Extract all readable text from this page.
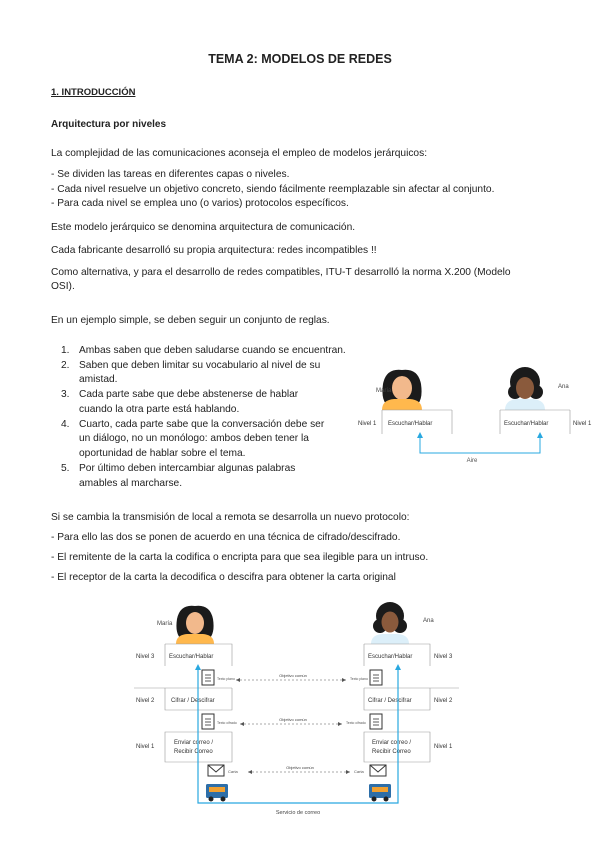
TEMA 2: MODELOS DE REDES
1. INTRODUCCIÓN
Arquitectura por niveles
La complejidad de las comunicaciones aconseja el empleo de modelos jerárquicos:
- Se dividen las tareas en diferentes capas o niveles.
- Cada nivel resuelve un objetivo concreto, siendo fácilmente reemplazable sin afectar al conjunto.
- Para cada nivel se emplea uno (o varios) protocolos específicos.
Este modelo jerárquico se denomina arquitectura de comunicación.
Cada fabricante desarrolló su propia arquitectura: redes incompatibles !!
Como alternativa, y para el desarrollo de redes compatibles, ITU-T desarrolló la norma X.200 (Modelo
OSI).
En un ejemplo simple, se deben seguir un conjunto de reglas.
1. Ambas saben que deben saludarse cuando se encuentran.
2. Saben que deben limitar su vocabulario al nivel de su
amistad.
3. Cada parte sabe que debe abstenerse de hablar
cuando la otra parte está hablando.
4. Cuarto, cada parte sabe que la conversación debe ser
un diálogo, no un monólogo: ambos deben tener la
oportunidad de hablar sobre el tema.
5. Por último deben intercambiar algunas palabras
amables al marcharse.
María
Ana
Nivel 1 Escuchar/Hablar	Escuchar/Hablar	Nivel 1
Aire
Si se cambia la transmisión de local a remota se desarrolla un nuevo protocolo:
- Para ello las dos se ponen de acuerdo en una técnica de cifrado/descifrado.
- El remitente de la carta la codifica o encripta para que sea ilegible para un intruso.
- El receptor de la carta la decodifica o descifra para obtener la carta original
María	Ana
Nivel 3
Nivel 2
Nivel 1
Nivel 3
Nivel 2
Nivel 1
Escuchar/Hablar
Cifrar / Descifrar
Enviar correo /
Recibir Correo
Escuchar/Hablar
Cifrar / Descifrar
Enviar correo /
Recibir Correo
Texto plano
Texto cifrado
Carta
Texto plano
Texto cifrado
Carta
Objetivo común
Objetivo común
Objetivo común
Servicio de correo
